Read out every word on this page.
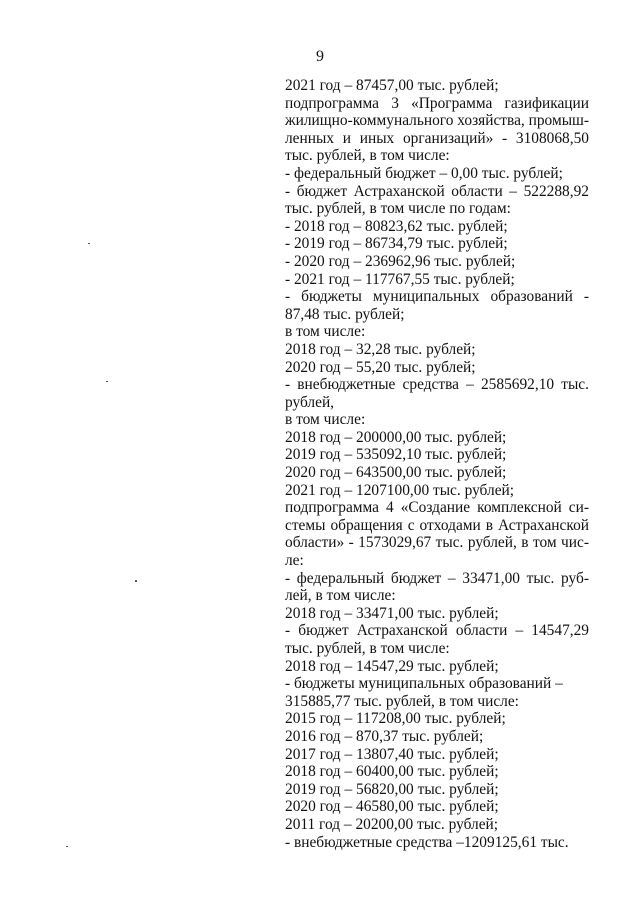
9
2021 год – 87457,00 тыс. рублей;
подпрограмма 3 «Программа газификации
жилищно-коммунального хозяйства, промыш-
ленных и иных организаций» - 3108068,50
тыс. рублей, в том числе:
- федеральный бюджет – 0,00 тыс. рублей;
- бюджет Астраханской области – 522288,92
тыс. рублей, в том числе по годам:
- 2018 год – 80823,62 тыс. рублей;
- 2019 год – 86734,79 тыс. рублей;
- 2020 год – 236962,96 тыс. рублей;
- 2021 год – 117767,55 тыс. рублей;
- бюджеты муниципальных образований -
87,48 тыс. рублей;
в том числе:
2018 год – 32,28 тыс. рублей;
2020 год – 55,20 тыс. рублей;
- внебюджетные средства – 2585692,10 тыс.
рублей,
в том числе:
2018 год – 200000,00 тыс. рублей;
2019 год – 535092,10 тыс. рублей;
2020 год – 643500,00 тыс. рублей;
2021 год – 1207100,00 тыс. рублей;
подпрограмма 4 «Создание комплексной си-
стемы обращения с отходами в Астраханской
области» - 1573029,67 тыс. рублей, в том чис-
ле:
- федеральный бюджет – 33471,00 тыс. руб-
лей, в том числе:
2018 год – 33471,00 тыс. рублей;
- бюджет Астраханской области – 14547,29
тыс. рублей, в том числе:
2018 год – 14547,29 тыс. рублей;
- бюджеты муниципальных образований –
315885,77 тыс. рублей, в том числе:
2015 год – 117208,00 тыс. рублей;
2016 год – 870,37 тыс. рублей;
2017 год – 13807,40 тыс. рублей;
2018 год – 60400,00 тыс. рублей;
2019 год – 56820,00 тыс. рублей;
2020 год – 46580,00 тыс. рублей;
2011 год – 20200,00 тыс. рублей;
- внебюджетные средства –1209125,61 тыс.
